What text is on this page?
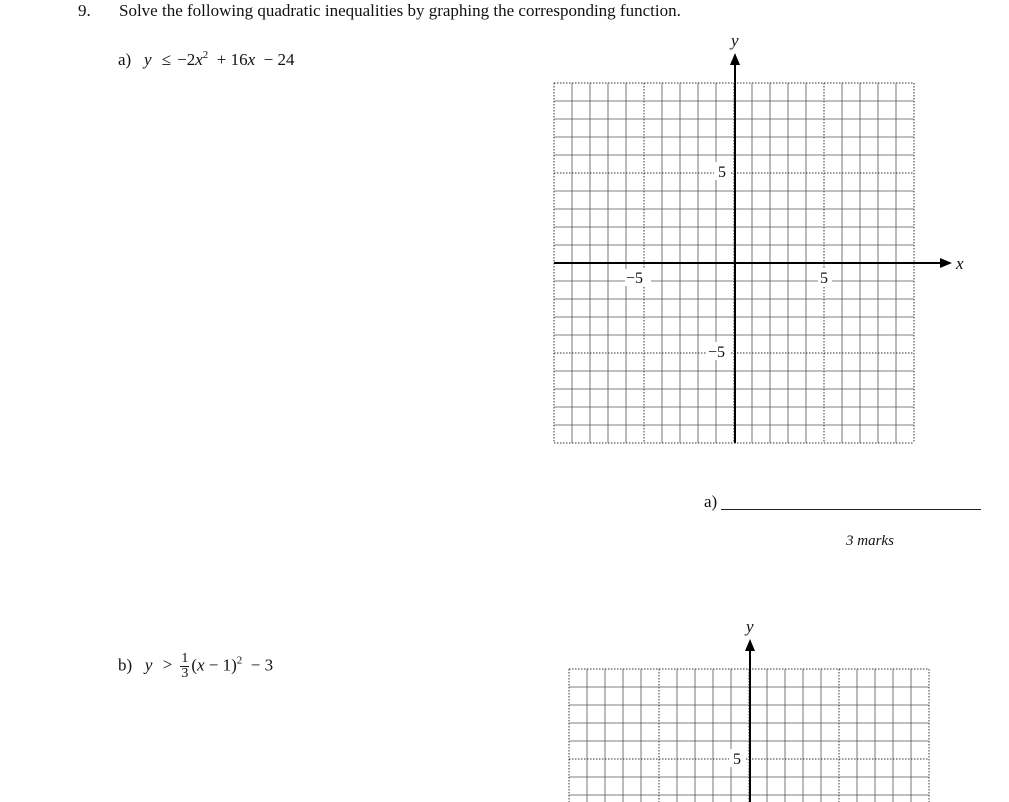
9. Solve the following quadratic inequalities by graphing the corresponding function.
a) $y \le -2x^2 + 16x - 24$
x
y
5
−5
−5	5
a)
3 marks
b) $y > \frac{1}{3} (x - 1)^2 - 3$
y
5
